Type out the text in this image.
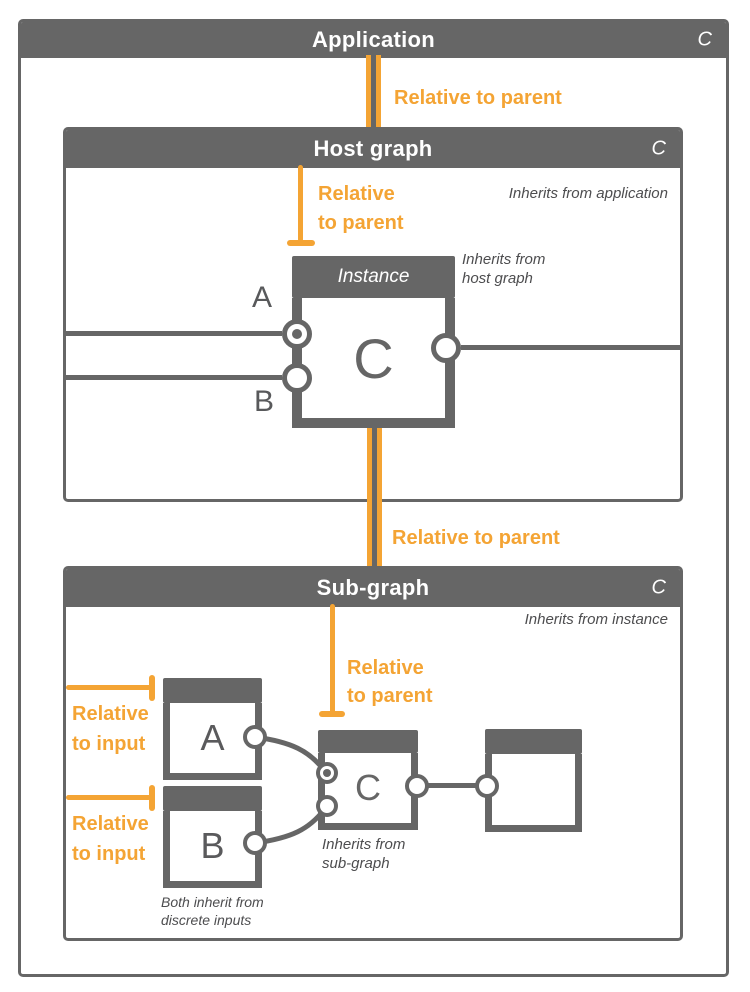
Application	C
Relative to parent
Host graph	C
Inherits from application
Relative
to parent
Instance
C
A
B
Inherits from
host graph
Relative to parent
Sub-graph	C
Inherits from instance
Relative
to parent
Relative
to input
Relative
to input
A
B
C
Inherits from
sub-graph
Both inherit from
discrete inputs
